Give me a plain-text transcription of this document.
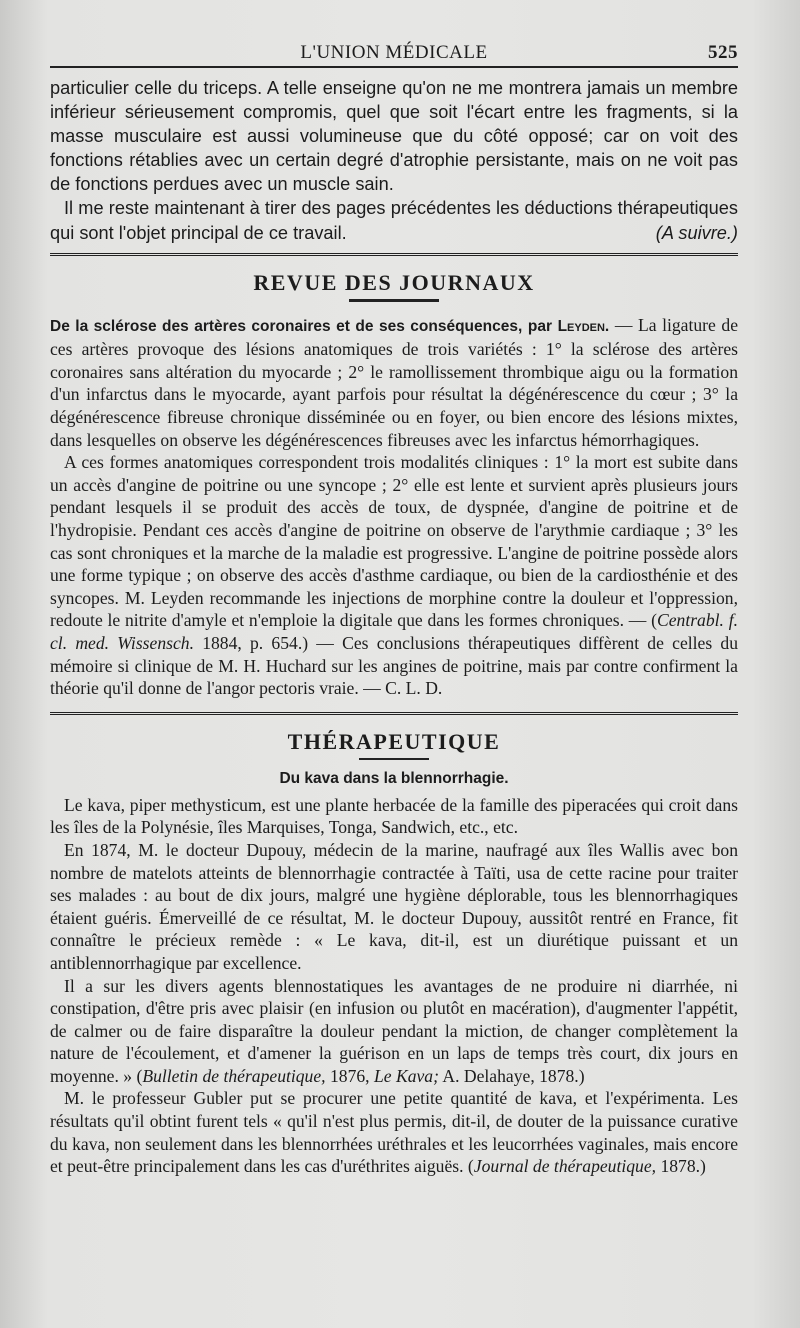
L'UNION MÉDICALE	525

particulier celle du triceps. A telle enseigne qu'on ne me montrera jamais un membre inférieur sérieusement compromis, quel que soit l'écart entre les fragments, si la masse musculaire est aussi volumineuse que du côté opposé; car on voit des fonctions rétablies avec un certain degré d'atrophie persistante, mais on ne voit pas de fonctions perdues avec un muscle sain.

Il me reste maintenant à tirer des pages précédentes les déductions thérapeutiques qui sont l'objet principal de ce travail.	(A suivre.)

REVUE DES JOURNAUX

De la sclérose des artères coronaires et de ses conséquences, par Leyden. — La ligature de ces artères provoque des lésions anatomiques de trois variétés : 1° la sclérose des artères coronaires sans altération du myocarde ; 2° le ramollissement thrombique aigu ou la formation d'un infarctus dans le myocarde, ayant parfois pour résultat la dégénérescence du cœur ; 3° la dégénérescence fibreuse chronique disséminée ou en foyer, ou bien encore des lésions mixtes, dans lesquelles on observe les dégénérescences fibreuses avec les infarctus hémorrhagiques.

A ces formes anatomiques correspondent trois modalités cliniques : 1° la mort est subite dans un accès d'angine de poitrine ou une syncope ; 2° elle est lente et survient après plusieurs jours pendant lesquels il se produit des accès de toux, de dyspnée, d'angine de poitrine et de l'hydropisie. Pendant ces accès d'angine de poitrine on observe de l'arythmie cardiaque ; 3° les cas sont chroniques et la marche de la maladie est progressive. L'angine de poitrine possède alors une forme typique ; on observe des accès d'asthme cardiaque, ou bien de la cardiosthénie et des syncopes. M. Leyden recommande les injections de morphine contre la douleur et l'oppression, redoute le nitrite d'amyle et n'emploie la digitale que dans les formes chroniques. — (Centrabl. f. cl. med. Wissensch. 1884, p. 654.) — Ces conclusions thérapeutiques diffèrent de celles du mémoire si clinique de M. H. Huchard sur les angines de poitrine, mais par contre confirment la théorie qu'il donne de l'angor pectoris vraie. — C. L. D.

THÉRAPEUTIQUE
Du kava dans la blennorrhagie.

Le kava, piper methysticum, est une plante herbacée de la famille des piperacées qui croit dans les îles de la Polynésie, îles Marquises, Tonga, Sandwich, etc., etc.

En 1874, M. le docteur Dupouy, médecin de la marine, naufragé aux îles Wallis avec bon nombre de matelots atteints de blennorrhagie contractée à Taïti, usa de cette racine pour traiter ses malades : au bout de dix jours, malgré une hygiène déplorable, tous les blennorrhagiques étaient guéris. Émerveillé de ce résultat, M. le docteur Dupouy, aussitôt rentré en France, fit connaître le précieux remède : « Le kava, dit-il, est un diurétique puissant et un antiblennorrhagique par excellence.

Il a sur les divers agents blennostatiques les avantages de ne produire ni diarrhée, ni constipation, d'être pris avec plaisir (en infusion ou plutôt en macération), d'augmenter l'appétit, de calmer ou de faire disparaître la douleur pendant la miction, de changer complètement la nature de l'écoulement, et d'amener la guérison en un laps de temps très court, dix jours en moyenne. » (Bulletin de thérapeutique, 1876, Le Kava; A. Delahaye, 1878.)

M. le professeur Gubler put se procurer une petite quantité de kava, et l'expérimenta. Les résultats qu'il obtint furent tels « qu'il n'est plus permis, dit-il, de douter de la puissance curative du kava, non seulement dans les blennorrhées uréthrales et les leucorrhées vaginales, mais encore et peut-être principalement dans les cas d'uréthrites aiguës. (Journal de thérapeutique, 1878.)
